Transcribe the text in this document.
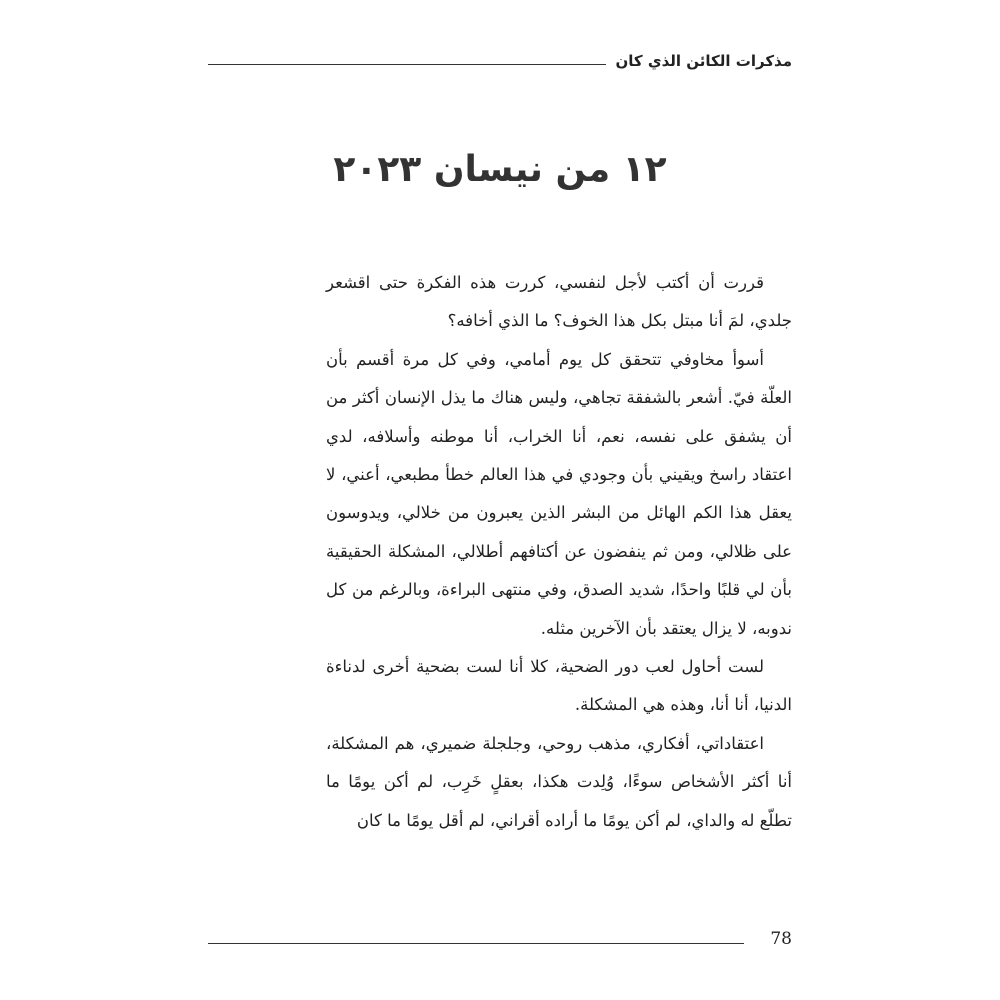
مذكرات الكائن الذي كان
١٢ من نيسان ٢٠٢٣

قررت أن أكتب لأجل لنفسي، كررت هذه الفكرة حتى اقشعر جلدي، لمَ أنا مبتل بكل هذا الخوف؟ ما الذي أخافه؟

أسوأ مخاوفي تتحقق كل يوم أمامي، وفي كل مرة أقسم بأن العلّة فيّ. أشعر بالشفقة تجاهي، وليس هناك ما يذل الإنسان أكثر من أن يشفق على نفسه، نعم، أنا الخراب، أنا موطنه وأسلافه، لدي اعتقاد راسخ ويقيني بأن وجودي في هذا العالم خطأ مطبعي، أعني، لا يعقل هذا الكم الهائل من البشر الذين يعبرون من خلالي، ويدوسون على ظلالي، ومن ثم ينفضون عن أكتافهم أطلالي، المشكلة الحقيقية بأن لي قلبًا واحدًا، شديد الصدق، وفي منتهى البراءة، وبالرغم من كل ندوبه، لا يزال يعتقد بأن الآخرين مثله.

لست أحاول لعب دور الضحية، كلا أنا لست بضحية أخرى لدناءة الدنيا، أنا أنا، وهذه هي المشكلة.

اعتقاداتي، أفكاري، مذهب روحي، وجلجلة ضميري، هم المشكلة، أنا أكثر الأشخاص سوءًا، وُلِدت هكذا، بعقلٍ خَرِب، لم أكن يومًا ما تطلّع له والداي، لم أكن يومًا ما أراده أقراني، لم أقل يومًا ما كان

78
